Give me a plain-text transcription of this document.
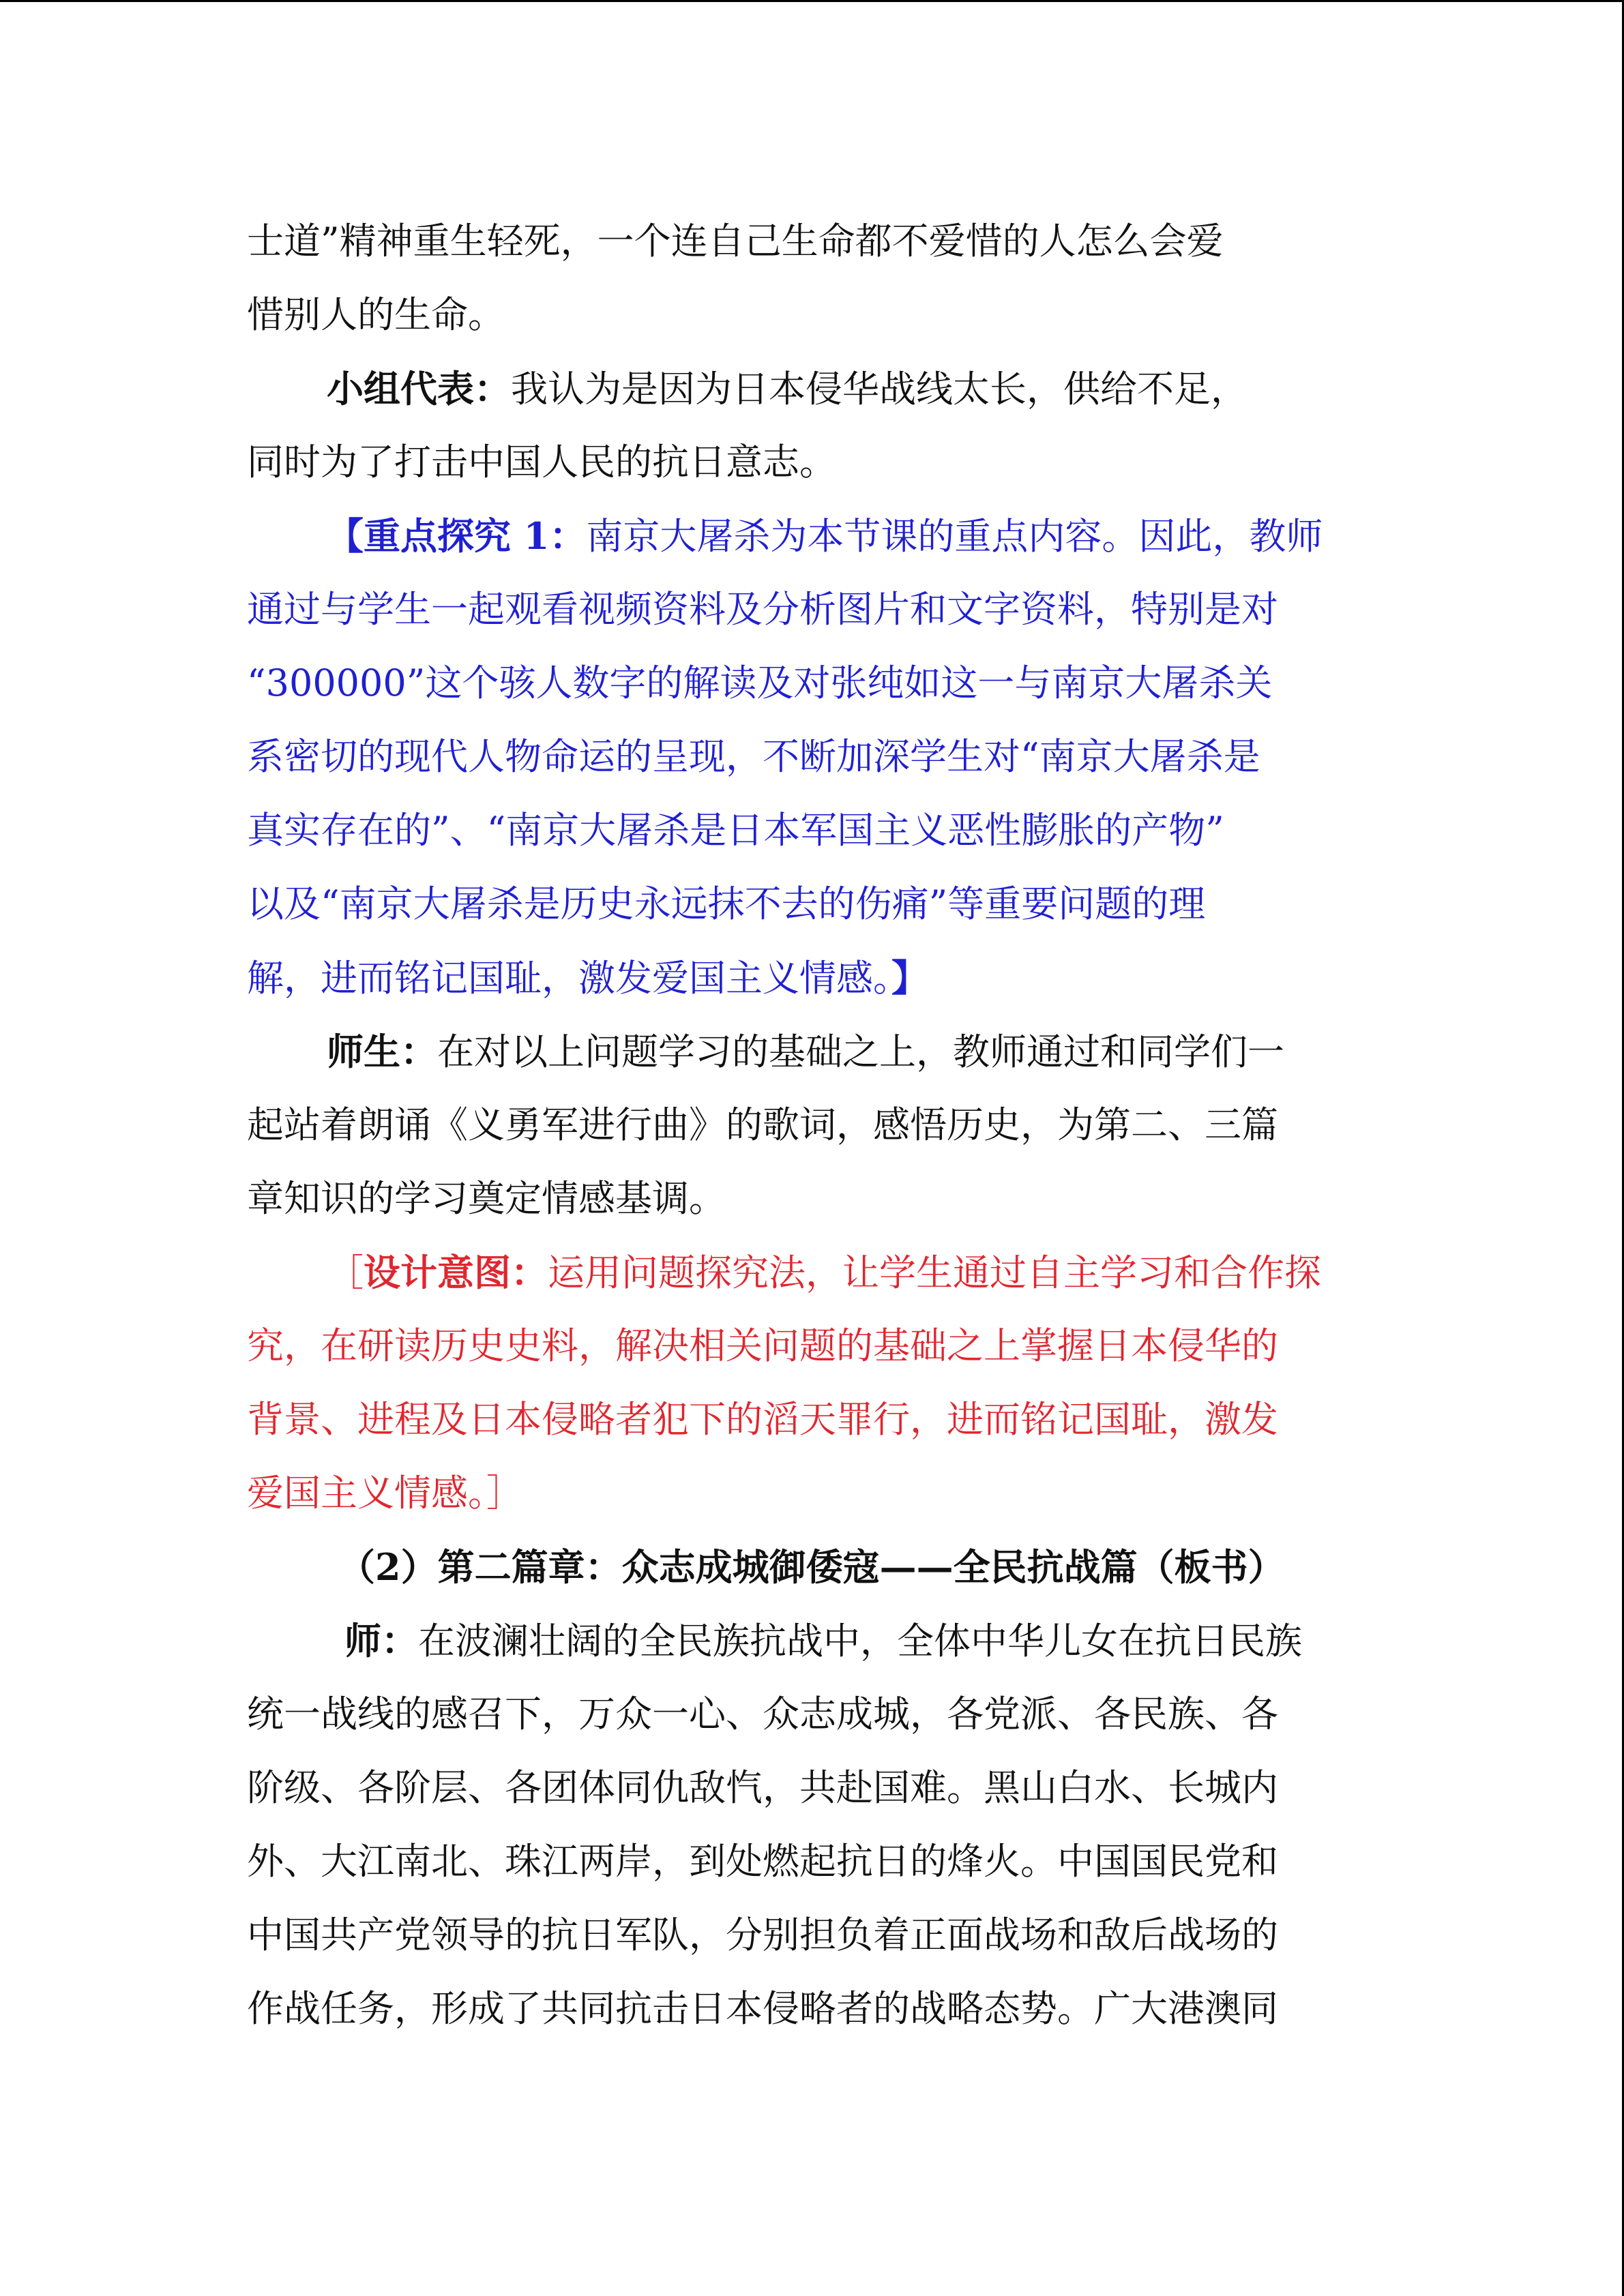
士道”精神重生轻死，一个连自己生命都不爱惜的人怎么会爱
惜别人的生命。
小组代表：我认为是因为日本侵华战线太长，供给不足，
同时为了打击中国人民的抗日意志。
【重点探究 1：南京大屠杀为本节课的重点内容。因此，教师
通过与学生一起观看视频资料及分析图片和文字资料，特别是对
“300000”这个骇人数字的解读及对张纯如这一与南京大屠杀关
系密切的现代人物命运的呈现，不断加深学生对“南京大屠杀是
真实存在的”、“南京大屠杀是日本军国主义恶性膨胀的产物”
以及“南京大屠杀是历史永远抹不去的伤痛”等重要问题的理
解，进而铭记国耻，激发爱国主义情感。】
师生：在对以上问题学习的基础之上，教师通过和同学们一
起站着朗诵《义勇军进行曲》的歌词，感悟历史，为第二、三篇
章知识的学习奠定情感基调。
［设计意图：运用问题探究法，让学生通过自主学习和合作探
究，在研读历史史料，解决相关问题的基础之上掌握日本侵华的
背景、进程及日本侵略者犯下的滔天罪行，进而铭记国耻，激发
爱国主义情感。］
（2）第二篇章：众志成城御倭寇——全民抗战篇（板书）
师：在波澜壮阔的全民族抗战中，全体中华儿女在抗日民族
统一战线的感召下，万众一心、众志成城，各党派、各民族、各
阶级、各阶层、各团体同仇敌忾，共赴国难。黑山白水、长城内
外、大江南北、珠江两岸，到处燃起抗日的烽火。中国国民党和
中国共产党领导的抗日军队，分别担负着正面战场和敌后战场的
作战任务，形成了共同抗击日本侵略者的战略态势。广大港澳同
